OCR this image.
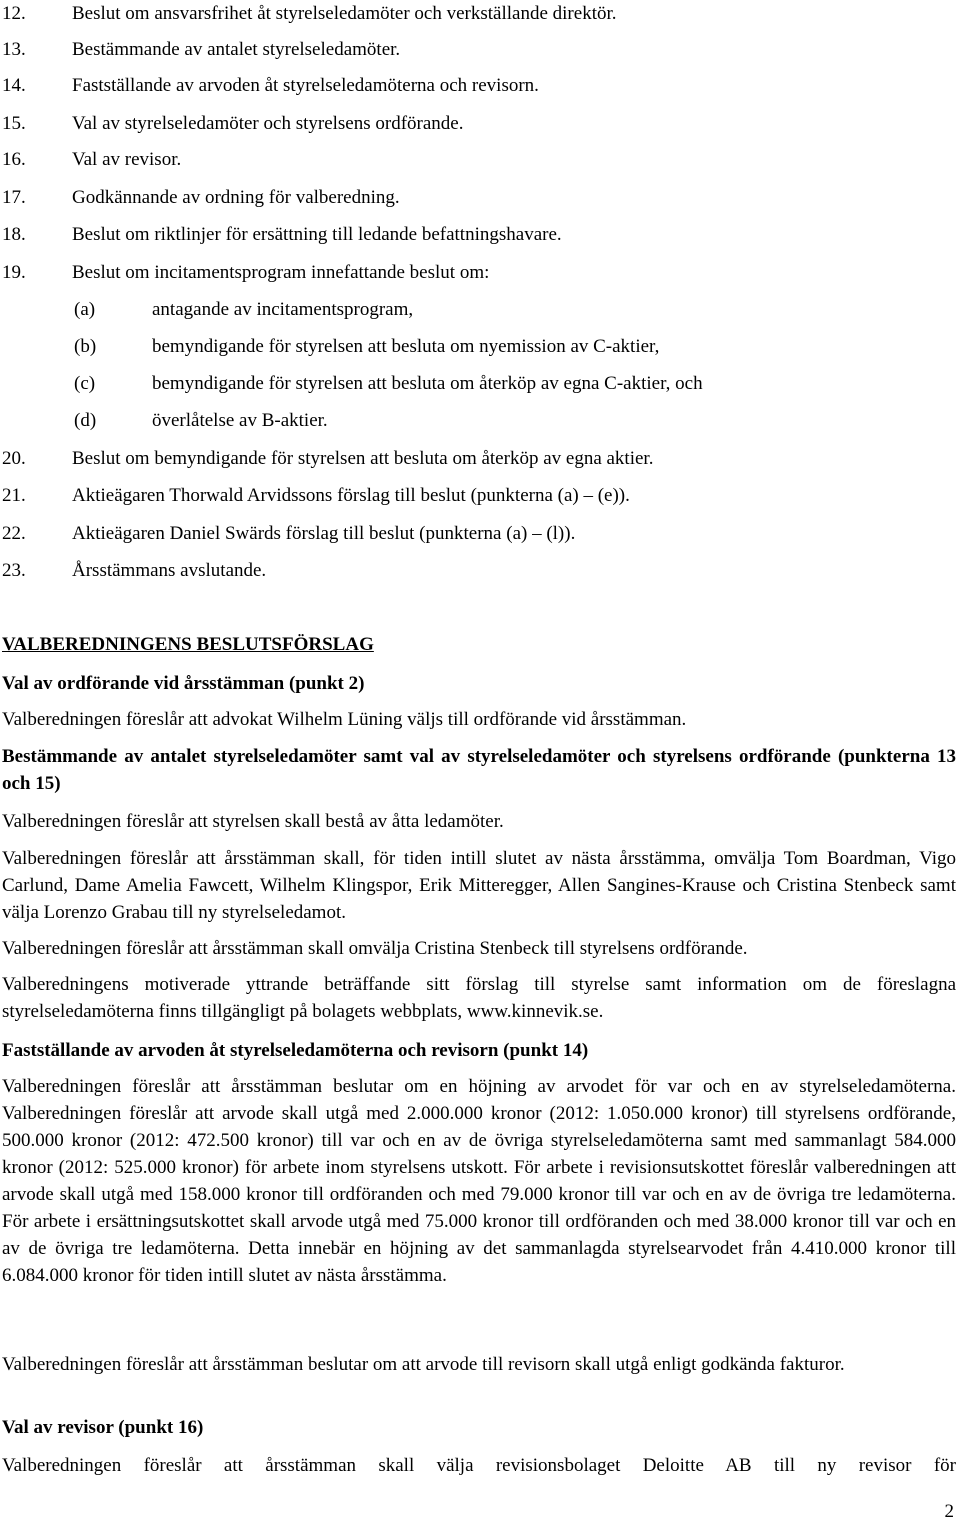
12. Beslut om ansvarsfrihet åt styrelseledamöter och verkställande direktör.
13. Bestämmande av antalet styrelseledamöter.
14. Fastställande av arvoden åt styrelseledamöterna och revisorn.
15. Val av styrelseledamöter och styrelsens ordförande.
16. Val av revisor.
17. Godkännande av ordning för valberedning.
18. Beslut om riktlinjer för ersättning till ledande befattningshavare.
19. Beslut om incitamentsprogram innefattande beslut om:
(a)	antagande av incitamentsprogram,
(b)	bemyndigande för styrelsen att besluta om nyemission av C-aktier,
(c)	bemyndigande för styrelsen att besluta om återköp av egna C-aktier, och
(d)	överlåtelse av B-aktier.
20. Beslut om bemyndigande för styrelsen att besluta om återköp av egna aktier.
21. Aktieägaren Thorwald Arvidssons förslag till beslut (punkterna (a) – (e)).
22. Aktieägaren Daniel Swärds förslag till beslut (punkterna (a) – (l)).
23. Årsstämmans avslutande.
VALBEREDNINGENS BESLUTSFÖRSLAG
Val av ordförande vid årsstämman (punkt 2)
Valberedningen föreslår att advokat Wilhelm Lüning väljs till ordförande vid årsstämman.
Bestämmande av antalet styrelseledamöter samt val av styrelseledamöter och styrelsens ordförande (punkterna 13 och 15)
Valberedningen föreslår att styrelsen skall bestå av åtta ledamöter.
Valberedningen föreslår att årsstämman skall, för tiden intill slutet av nästa årsstämma, omvälja Tom Boardman, Vigo Carlund, Dame Amelia Fawcett, Wilhelm Klingspor, Erik Mitteregger, Allen Sangines-Krause och Cristina Stenbeck samt välja Lorenzo Grabau till ny styrelseledamot.
Valberedningen föreslår att årsstämman skall omvälja Cristina Stenbeck till styrelsens ordförande.
Valberedningens motiverade yttrande beträffande sitt förslag till styrelse samt information om de föreslagna styrelseledamöterna finns tillgängligt på bolagets webbplats, www.kinnevik.se.
Fastställande av arvoden åt styrelseledamöterna och revisorn (punkt 14)
Valberedningen föreslår att årsstämman beslutar om en höjning av arvodet för var och en av styrelseledamöterna. Valberedningen föreslår att arvode skall utgå med 2.000.000 kronor (2012: 1.050.000 kronor) till styrelsens ordförande, 500.000 kronor (2012: 472.500 kronor) till var och en av de övriga styrelseledamöterna samt med sammanlagt 584.000 kronor (2012: 525.000 kronor) för arbete inom styrelsens utskott. För arbete i revisionsutskottet föreslår valberedningen att arvode skall utgå med 158.000 kronor till ordföranden och med 79.000 kronor till var och en av de övriga tre ledamöterna. För arbete i ersättningsutskottet skall arvode utgå med 75.000 kronor till ordföranden och med 38.000 kronor till var och en av de övriga tre ledamöterna. Detta innebär en höjning av det sammanlagda styrelsearvodet från 4.410.000 kronor till 6.084.000 kronor för tiden intill slutet av nästa årsstämma.
Valberedningen föreslår att årsstämman beslutar om att arvode till revisorn skall utgå enligt godkända fakturor.
Val av revisor (punkt 16)
Valberedningen föreslår att årsstämman skall välja revisionsbolaget Deloitte AB till ny revisor för
2
